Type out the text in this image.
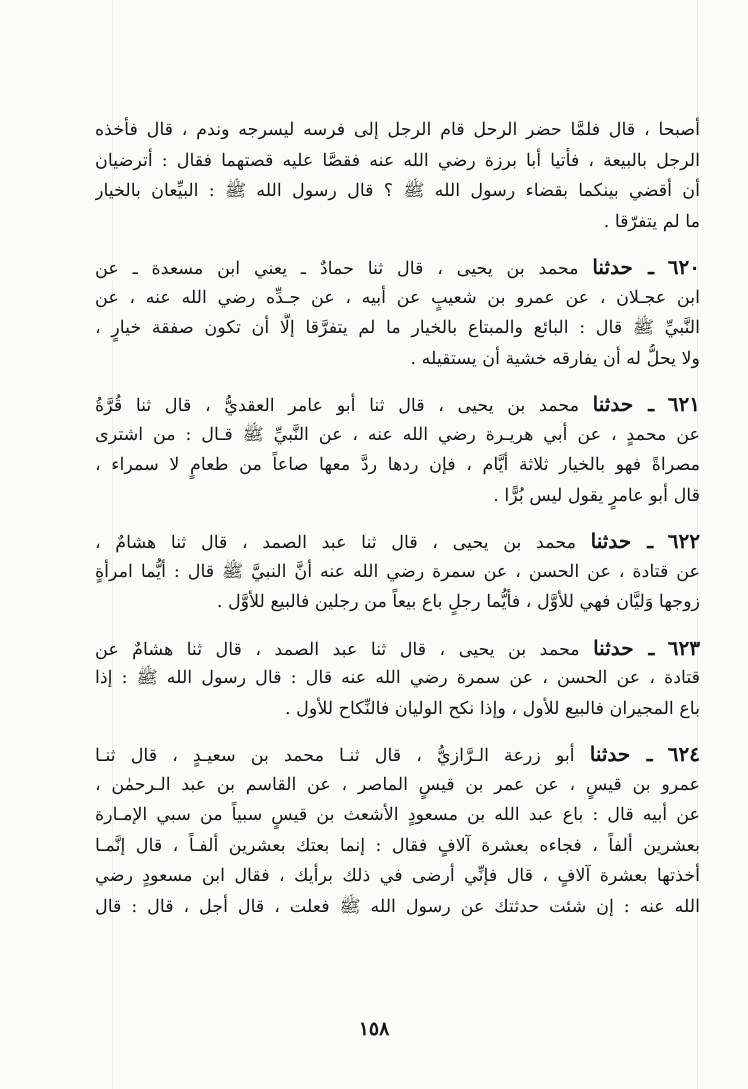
أصبحا ، قال فلمَّا حضر الرحل قام الرجل إلى فرسه ليسرجه وندم ، قال فأخذه
الرجل بالبيعة ، فأتيا أبا برزة رضي الله عنه فقصَّا عليه قصتهما فقال : أترضيان
أن أقضي بينكما بقضاء رسول الله ﷺ ؟ قال رسول الله ﷺ : البيِّعان بالخيار
ما لم يتفرّقا .
٦٢٠ ـ حدثنا محمد بن يحيى ، قال ثنا حمادٌ ـ يعني ابن مسعدة ـ عن
ابن عجـلان ، عن عمرو بن شعيبٍ عن أبيه ، عن جـدِّه رضي الله عنه ، عن
النَّبيِّ ﷺ قال : البائع والمبتاع بالخيار ما لم يتفرَّقا إلَّا أن تكون صفقة خيارٍ ،
ولا يحلُّ له أن يفارقه خشية أن يستقيله .
٦٢١ ـ حدثنا محمد بن يحيى ، قال ثنا أبو عامر العقديُّ ، قال ثنا قُرَّةُ
عن محمدٍ ، عن أبي هريـرة رضي الله عنه ، عن النَّبيِّ ﷺ قـال : من اشترى
مصراةً فهو بالخيار ثلاثة أيَّام ، فإن ردها ردَّ معها صاعاً من طعامٍ لا سمراء ،
قال أبو عامرٍ يقول ليس بُرًّا .
٦٢٢ ـ حدثنا محمد بن يحيى ، قال ثنا عبد الصمد ، قال ثنا هشامٌ ،
عن قتادة ، عن الحسن ، عن سمرة رضي الله عنه أنَّ النبيَّ ﷺ قال : أيُّما امرأةٍ
زوجها وَليَّان فهي للأوَّل ، فأيُّما رجلٍ باع بيعاً من رجلين فالبيع للأوَّل .
٦٢٣ ـ حدثنا محمد بن يحيى ، قال ثنا عبد الصمد ، قال ثنا هشامٌ عن
قتادة ، عن الحسن ، عن سمرة رضي الله عنه قال : قال رسول الله ﷺ : إذا
باع المجيران فالبيع للأول ، وإذا نكح الوليان فالنِّكاح للأول .
٦٢٤ ـ حدثنا أبو زرعة الـرَّازيُّ ، قال ثنـا محمد بن سعيـدٍ ، قال ثنـا
عمرو بن قيسٍ ، عن عمر بن قيسٍ الماصر ، عن القاسم بن عبد الـرحمٰن ،
عن أبيه قال : باع عبد الله بن مسعودٍ الأشعث بن قيسٍ سبياً من سبي الإمـارة
بعشرين ألفاً ، فجاءه بعشرة آلافٍ فقال : إنما بعتك بعشرين ألفـاً ، قال إنَّمـا
أخذتها بعشرة آلافٍ ، قال فإنِّي أرضى في ذلك برأيك ، فقال ابن مسعودٍ رضي
الله عنه : إن شئت حدثتك عن رسول الله ﷺ فعلت ، قال أجل ، قال : قال
١٥٨
